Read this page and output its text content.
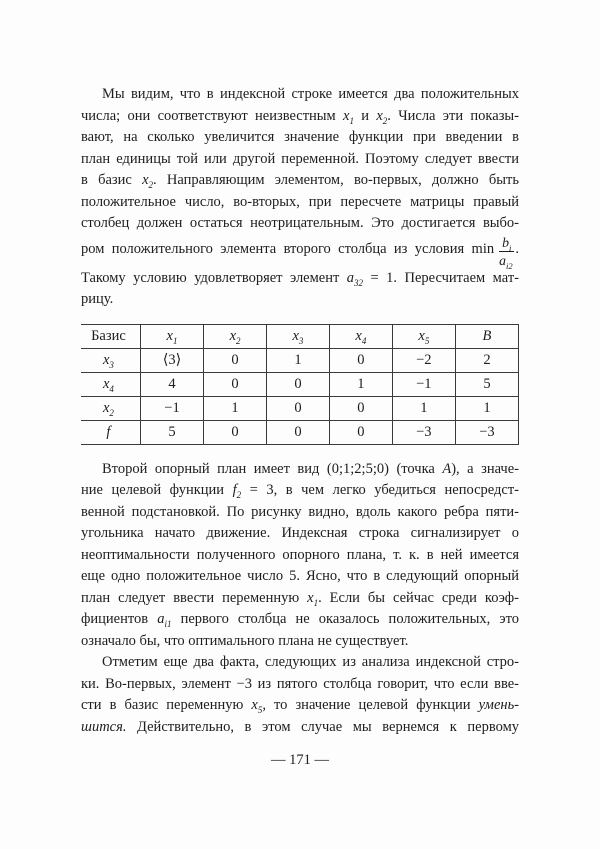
Мы видим, что в индексной строке имеется два положительных
числа; они соответствуют неизвестным $x_1$ и $x_2$. Числа эти показы-
вают, на сколько увеличится значение функции при введении в
план единицы той или другой переменной. Поэтому следует ввести
в базис $x_2$. Направляющим элементом, во-первых, должно быть
положительное число, во-вторых, при пересчете матрицы правый
столбец должен остаться неотрицательным. Это достигается выбо-
ром положительного элемента второго столбца из условия $\min \frac{b_i}{a_{i2}}$ .
Такому условию удовлетворяет элемент $a_{32} = 1$. Пересчитаем мат-
рицу.
Базис	$x_1$	$x_2$	$x_3$	$x_4$	$x_5$	B
$x_3$	⟨3⟩	0	1	0	−2	2
$x_4$	4	0	0	1	−1	5
$x_2$	−1	1	0	0	1	1
f	5	0	0	0	−3	−3
Второй опорный план имеет вид (0;1;2;5;0) (точка A), а значе-
ние целевой функции $f_2 = 3$, в чем легко убедиться непосредст-
венной подстановкой. По рисунку видно, вдоль какого ребра пяти-
угольника начато движение. Индексная строка сигнализирует о
неоптимальности полученного опорного плана, т. к. в ней имеется
еще одно положительное число 5. Ясно, что в следующий опорный
план следует ввести переменную $x_1$. Если бы сейчас среди коэф-
фициентов $a_{i1}$ первого столбца не оказалось положительных, это
означало бы, что оптимального плана не существует.
Отметим еще два факта, следующих из анализа индексной стро-
ки. Во-первых, элемент −3 из пятого столбца говорит, что если вве-
сти в базис переменную $x_5$, то значение целевой функции умень-
шится. Действительно, в этом случае мы вернемся к первому
— 171 —
